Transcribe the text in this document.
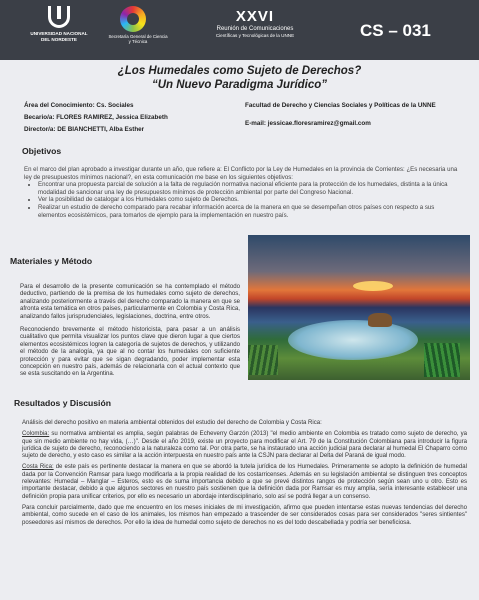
UNIVERSIDAD NACIONAL DEL NORDESTE	Secretaría General de Ciencia y Técnica
XXVI
Reunión de Comunicaciones
Científicas y Tecnológicas de la UNNE	CS – 031
¿Los Humedales como Sujeto de Derechos?
“Un Nuevo Paradigma Jurídico”
Área del Conocimiento: Cs. Sociales
Becario/a: FLORES RAMIREZ, Jessica Elizabeth
Director/a: DE BIANCHETTI, Alba Esther
Facultad de Derecho y Ciencias Sociales y Políticas de la UNNE
E-mail: jessicae.floresramirez@gmail.com
Objetivos

En el marco del plan aprobado a investigar durante un año, que refiere a: El Conflicto por la Ley de Humedales en la provincia de Corrientes: ¿Es necesaria una ley de presupuestos mínimos nacional?, en esta comunicación me base en los siguientes objetivos:

• Encontrar una propuesta parcial de solución a la falta de regulación normativa nacional eficiente para la protección de los humedales, distinta a la única modalidad de sancionar una ley de presupuestos mínimos de protección ambiental por parte del Congreso Nacional.
• Ver la posibilidad de catalogar a los Humedales como sujeto de Derechos.
• Realizar un estudio de derecho comparado para recabar información acerca de la manera en que se desempeñan otros países con respecto a sus elementos ecosistémicos, para tomarlos de ejemplo para la implementación en nuestro país.
Materiales y Método

Para el desarrollo de la presente comunicación se ha contemplado el método deductivo, partiendo de la premisa de los humedales como sujeto de derechos, analizando posteriormente a través del derecho comparado la manera en que se afronta esta temática en otros países, particularmente en Colombia y Costa Rica, analizando fallos jurisprudenciales, legislaciones, doctrina, entre otros.

Reconociendo brevemente el método historicista, para pasar a un análisis cualitativo que permita visualizar los puntos clave que dieron lugar a que ciertos elementos ecosistémicos logren la categoría de sujetos de derechos, y utilizando el método de la analogía, ya que al no contar los humedales con suficiente protección y para evitar que se sigan degradando, poder implementar esta concepción en nuestro país, además de relacionarla con el actual contexto que se esta suscitando en la Argentina.

Resultados y Discusión

Análisis del derecho positivo en materia ambiental obtenidos del estudio del derecho de Colombia y Costa Rica:

Colombia: su normativa ambiental es amplia, según palabras de Echeverry Garzón (2013) "el medio ambiente en Colombia es tratado como sujeto de derecho, ya que sin medio ambiente no hay vida, (…)". Desde el año 2019, existe un proyecto para modificar el Art. 79 de la Constitución Colombiana para introducir la figura jurídica de sujeto de derecho, reconociendo a la naturaleza como tal. Por otra parte, se ha instaurado una acción judicial para declarar al humedal El Chaparro como sujeto de derecho, y esto caso es similar a la acción interpuesta en nuestro país ante la CSJN para declarar al Delta del Paraná de igual modo.

Costa Rica: de este país es pertinente destacar la manera en que se abordó la tutela jurídica de los Humedales. Primeramente se adopto la definición de humedal dada por la Convención Ramsar para luego modificarla a la propia realidad de los costarricenses. Además en su legislación ambiental se distinguen tres conceptos relevantes: Humedal – Manglar – Esteros, esto es de suma importancia debido a que se prevé distintos rangos de protección según sean uno u otro. Esto es importante destacar, debido a que algunos sectores en nuestro país sostienen que la definición dada por Ramsar es muy amplia, sería interesante establecer una definición propia para unificar criterios, por ello es necesario un abordaje interdisciplinario, solo así se podrá llegar a un consenso.

Para concluir parcialmente, dado que me encuentro en los meses iniciales de mi investigación, afirmo que pueden intentarse estas nuevas tendencias del derecho ambiental, como sucede en el caso de los animales, los mismos han empezado a trascender de ser considerados cosas para ser considerados "seres sintientes" poseedores así mismos de derechos. Por ello la idea de humedal como sujeto de derechos no es del todo descabellada y podría ser beneficiosa.
